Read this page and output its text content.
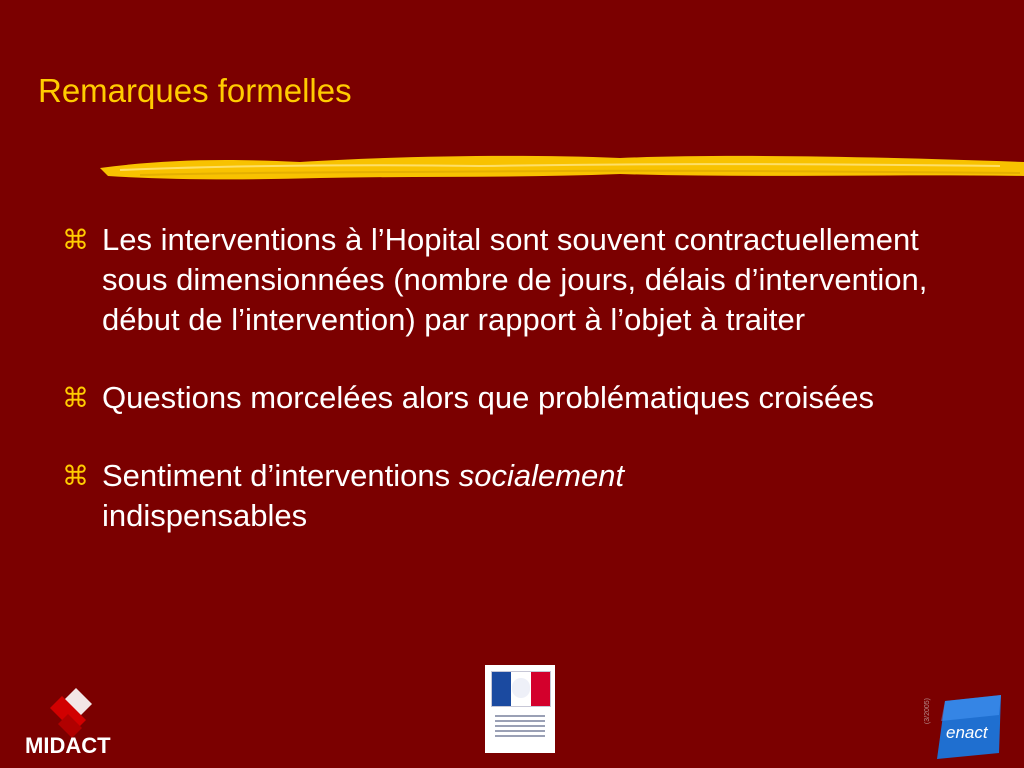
Remarques formelles
⌘ Les interventions à l’Hopital sont souvent contractuellement sous dimensionnées (nombre de jours, délais d’intervention, début de l’intervention) par rapport à l’objet à traiter
⌘ Questions morcelées alors que problématiques croisées
⌘ Sentiment d’interventions socialement
indispensables
MIDACT
(3/2005)
enact
